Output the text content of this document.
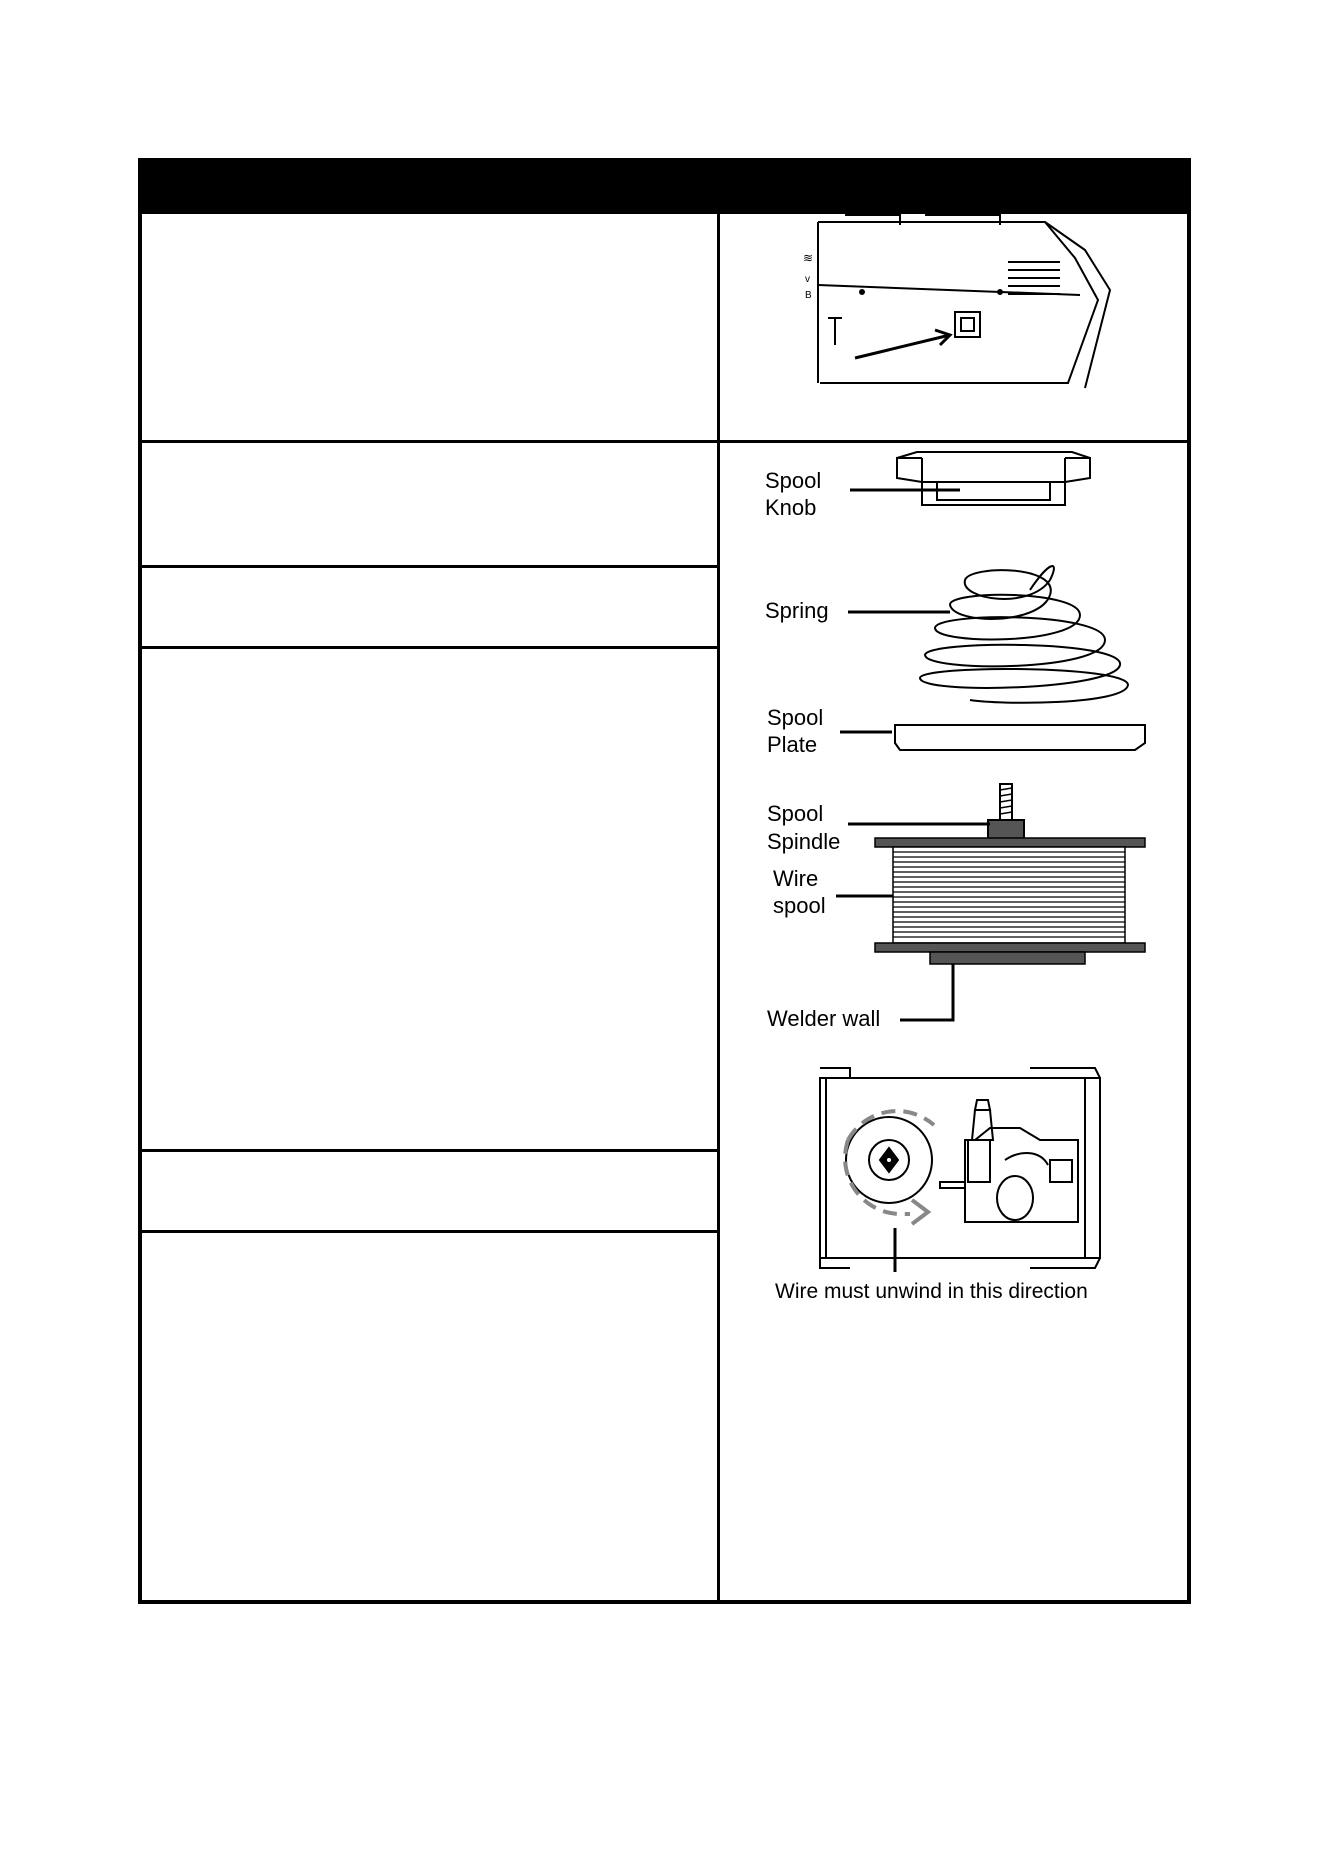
≋
v
B
Spool
Knob
Spring
Spool
Plate
Spool
Spindle
Wire
spool
Welder wall
Wire must unwind in this direction
